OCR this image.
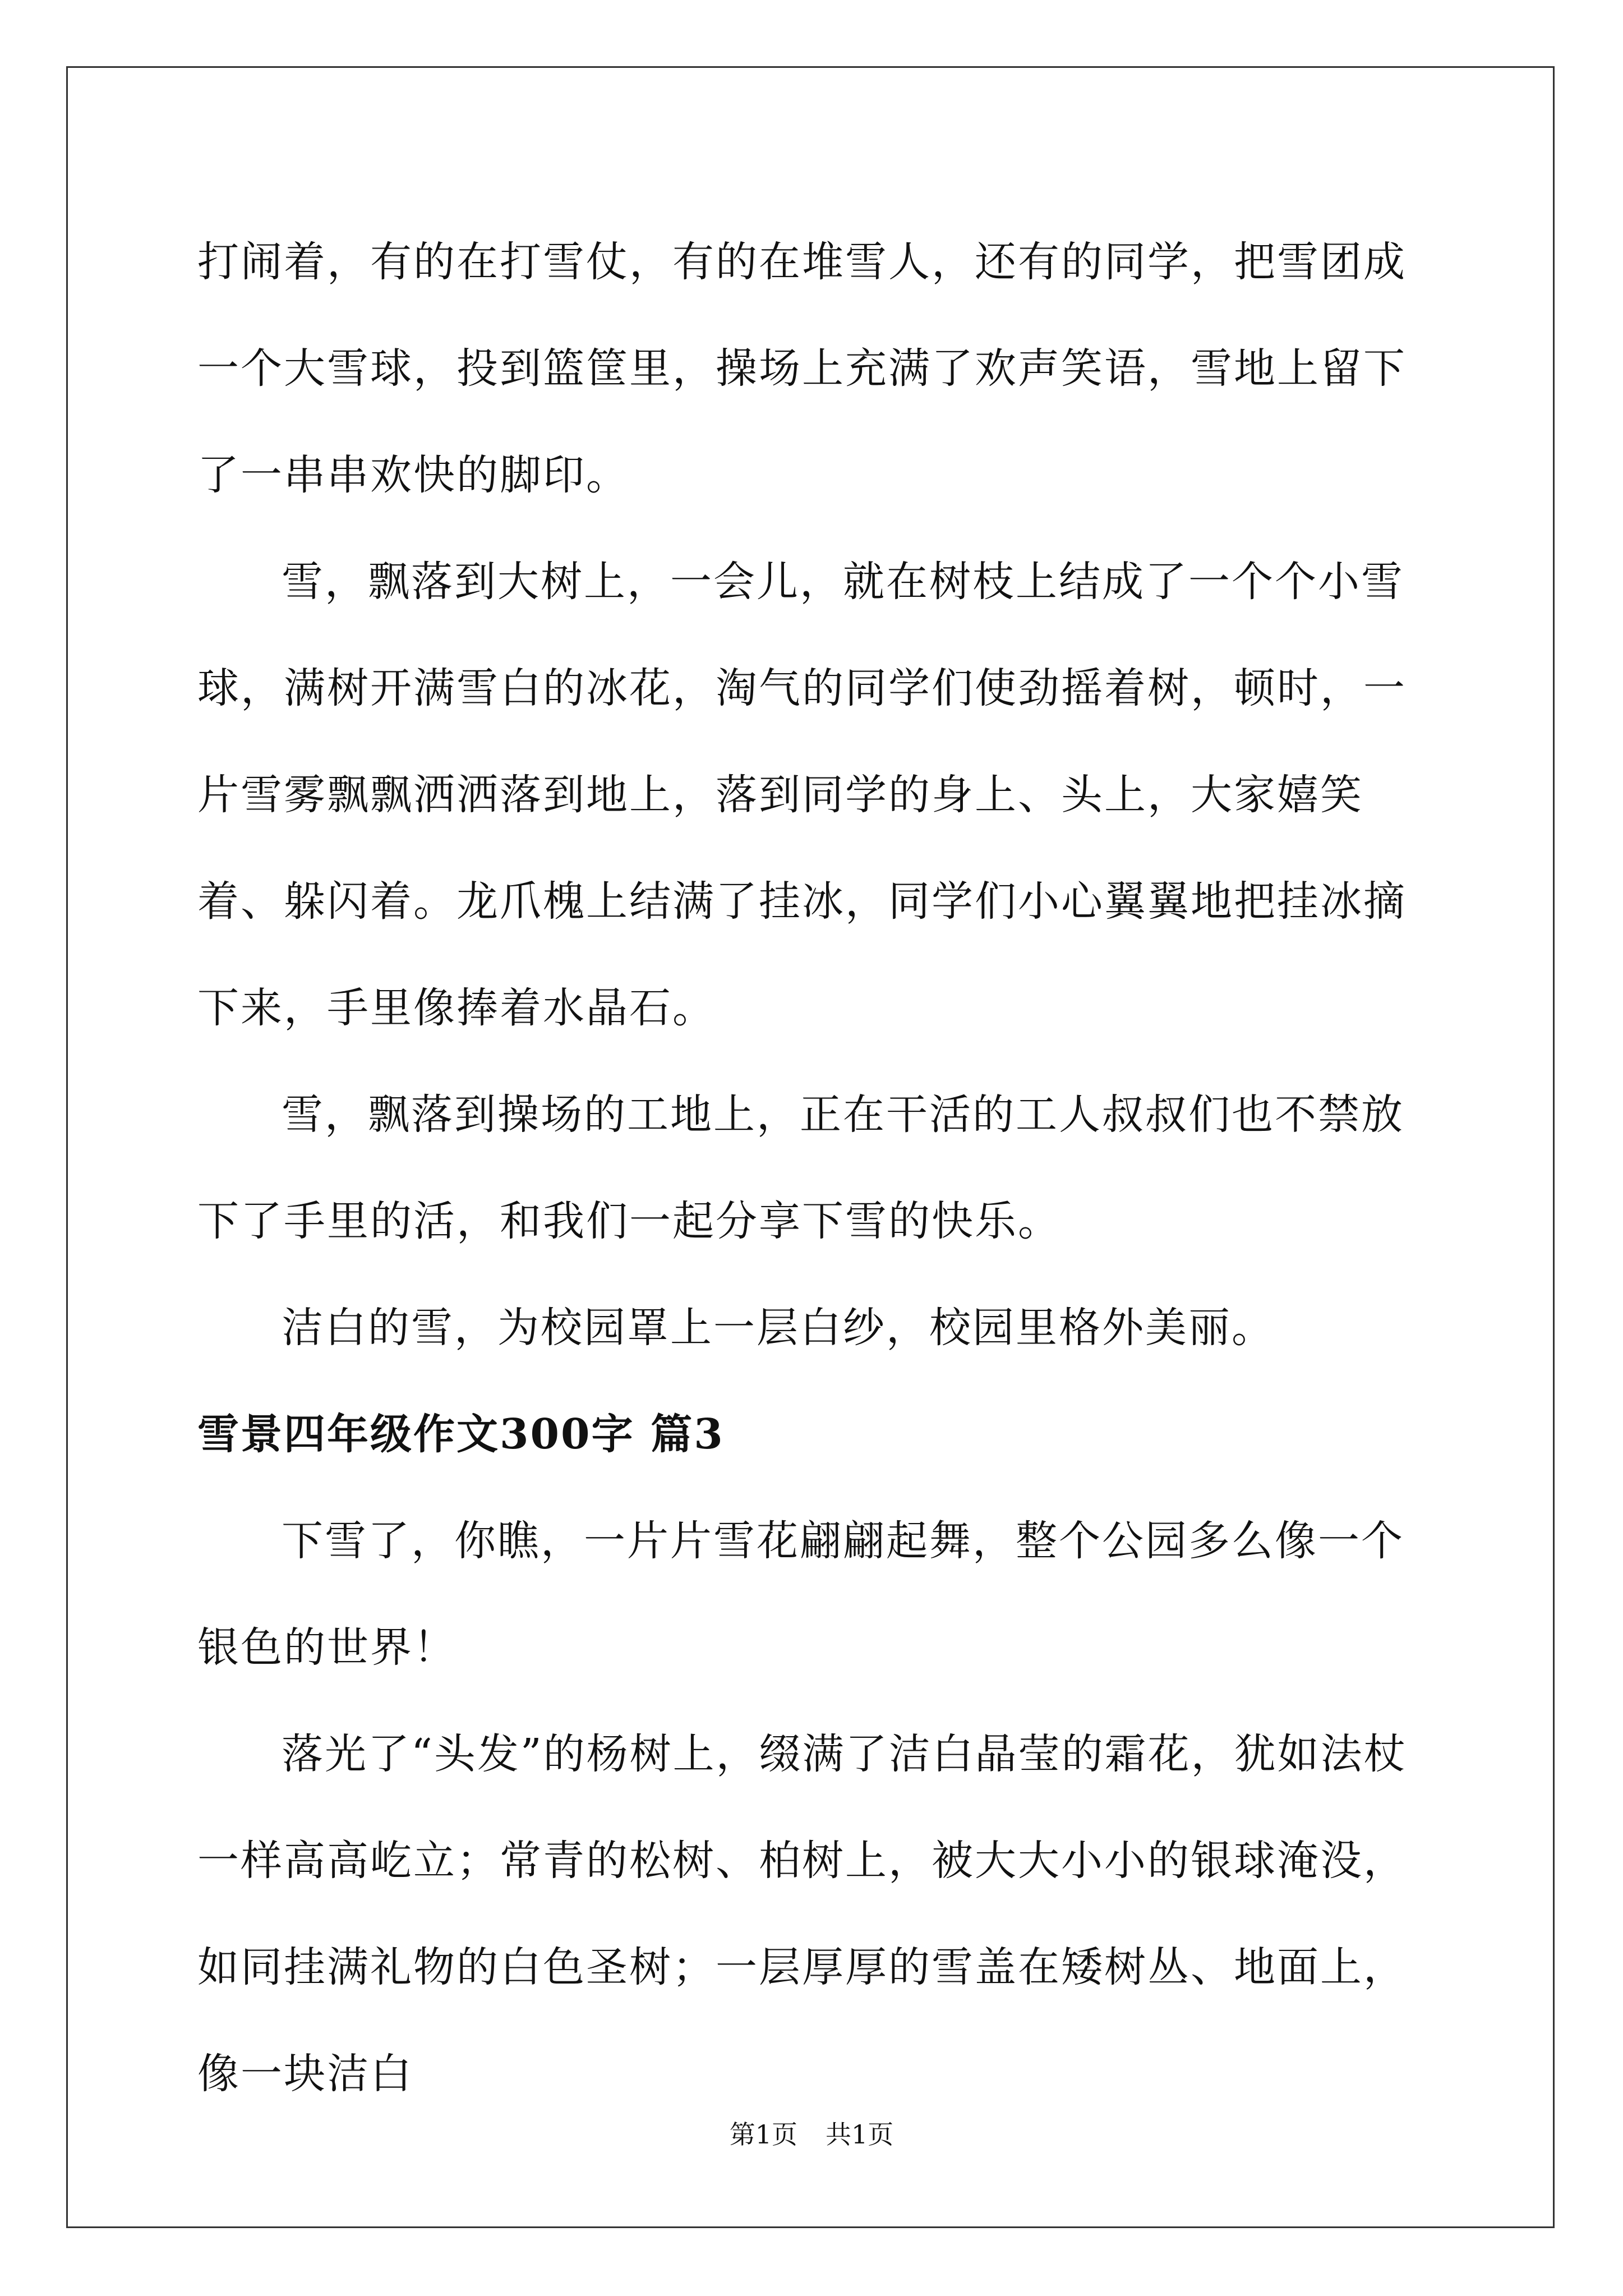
打闹着，有的在打雪仗，有的在堆雪人，还有的同学，把雪团成一个大雪球，投到篮筐里，操场上充满了欢声笑语，雪地上留下了一串串欢快的脚印。

雪，飘落到大树上，一会儿，就在树枝上结成了一个个小雪球，满树开满雪白的冰花，淘气的同学们使劲摇着树，顿时，一片雪雾飘飘洒洒落到地上，落到同学的身上、头上，大家嬉笑着、躲闪着。龙爪槐上结满了挂冰，同学们小心翼翼地把挂冰摘下来，手里像捧着水晶石。

雪，飘落到操场的工地上，正在干活的工人叔叔们也不禁放下了手里的活，和我们一起分享下雪的快乐。

洁白的雪，为校园罩上一层白纱，校园里格外美丽。

雪景四年级作文300字 篇3

下雪了，你瞧，一片片雪花翩翩起舞，整个公园多么像一个银色的世界！

落光了“头发”的杨树上，缀满了洁白晶莹的霜花，犹如法杖一样高高屹立；常青的松树、柏树上，被大大小小的银球淹没，如同挂满礼物的白色圣树；一层厚厚的雪盖在矮树丛、地面上，像一块洁白

第1页 共1页
